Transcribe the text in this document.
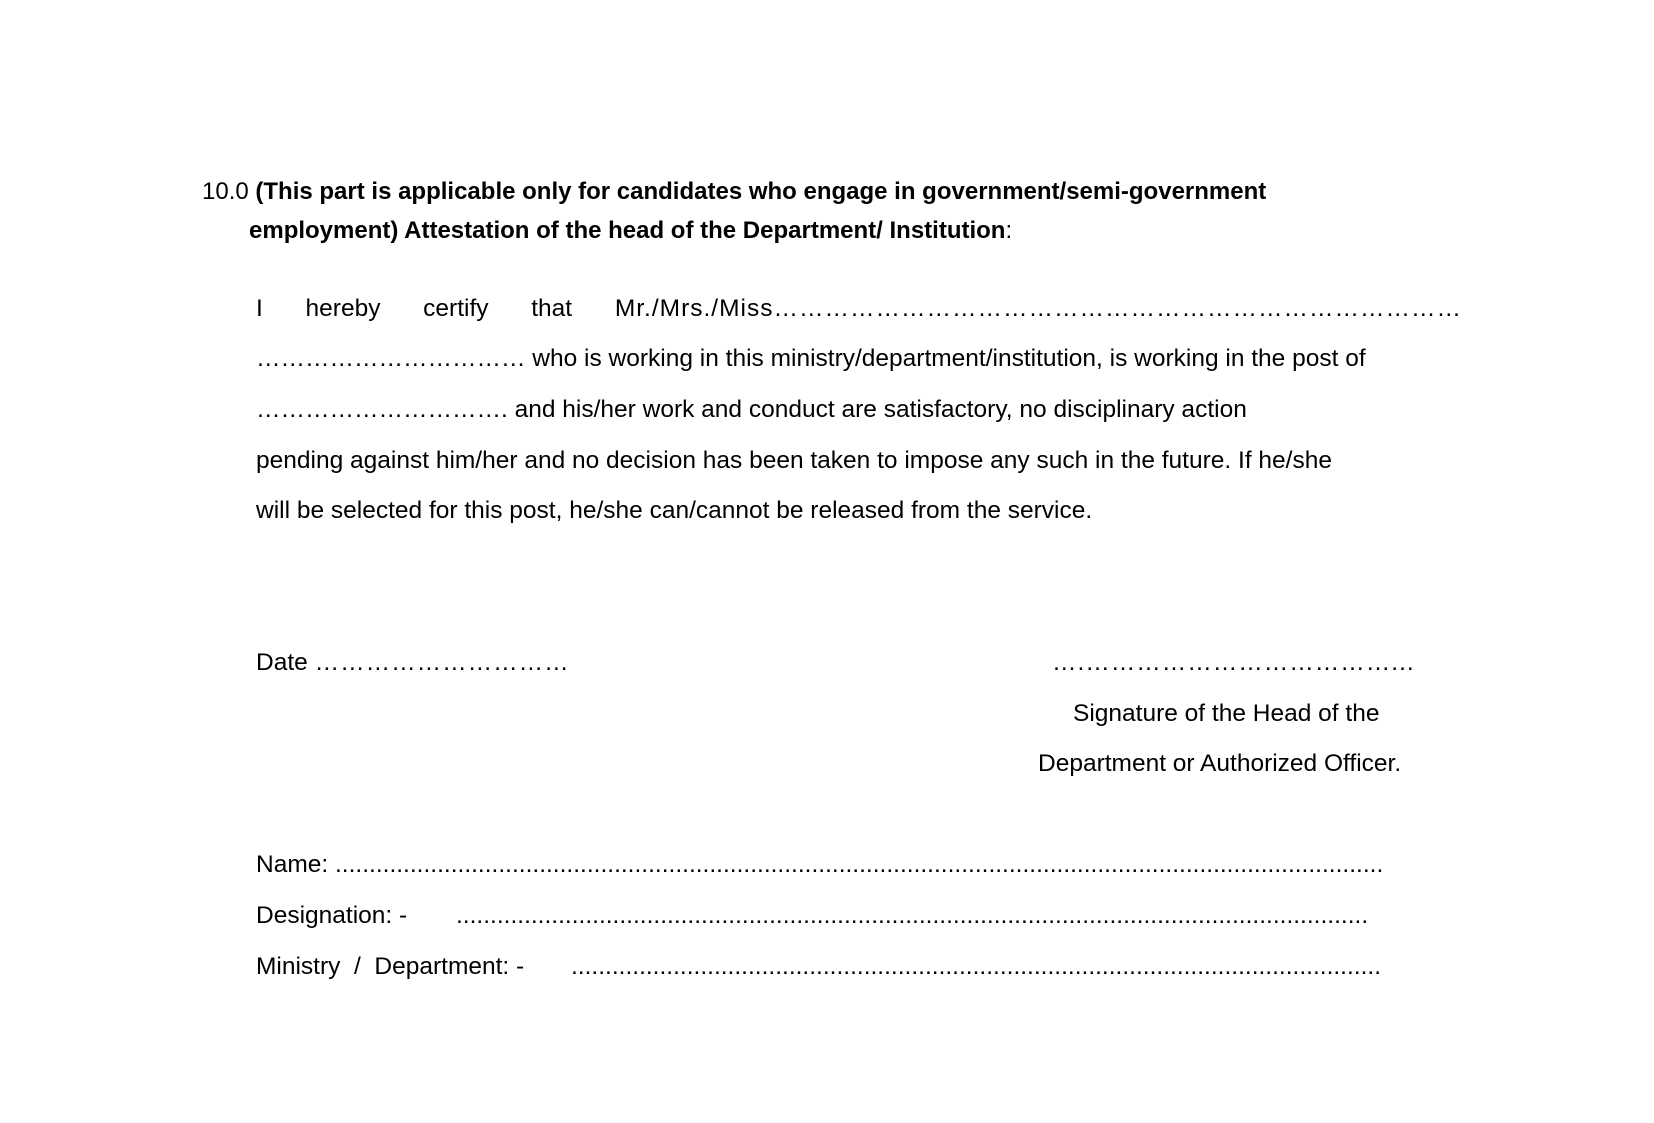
10.0 (This part is applicable only for candidates who engage in government/semi-government
employment) Attestation of the head of the Department/ Institution:
I hereby certify that Mr./Mrs./Miss………………………………………………………………………
…………………………… who is working in this ministry/department/institution, is working in the post of
…………………………. and his/her work and conduct are satisfactory, no disciplinary action
pending against him/her and no decision has been taken to impose any such in the future. If he/she
will be selected for this post, he/she can/cannot be released from the service.
Date …………………………	….………………………………...
Signature of the Head of the
Department or Authorized Officer.
Name: ..........................................................................................................................................................
Designation: - ......................................................................................................................................
Ministry  /  Department: - .......................................................................................................................
